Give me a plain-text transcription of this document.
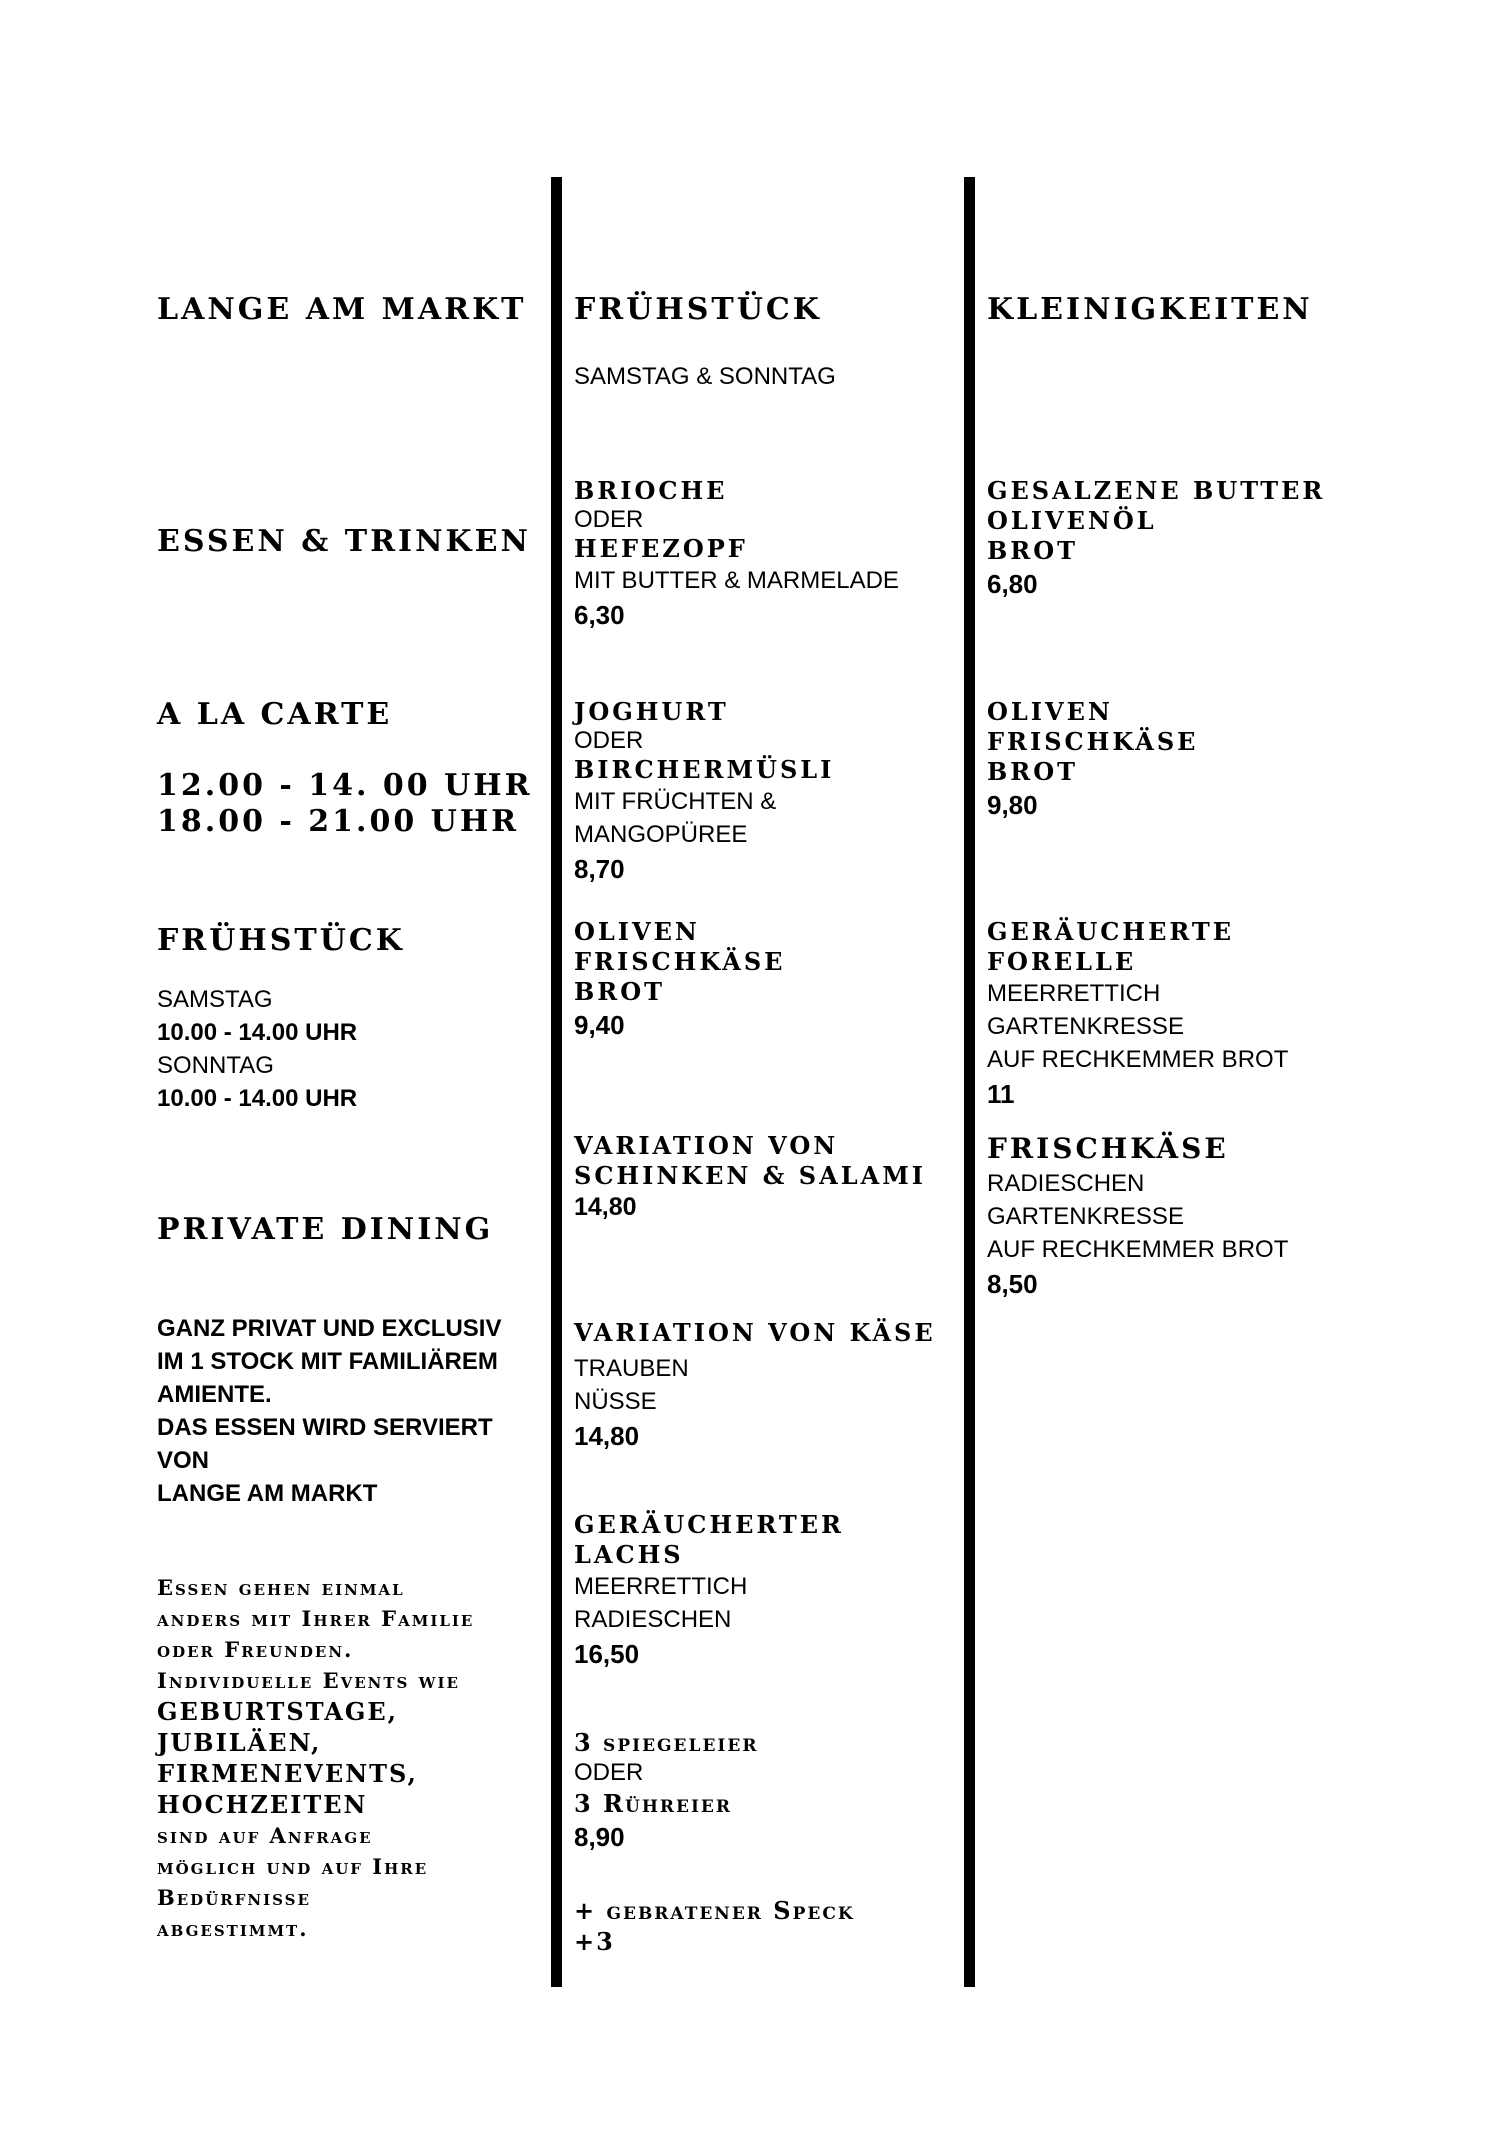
LANGE AM MARKT
ESSEN & TRINKEN
A LA CARTE

12.00 - 14. 00 UHR

18.00 - 21.00 UHR

FRÜHSTÜCK

SAMSTAG

10.00 - 14.00 UHR

SONNTAG

10.00 - 14.00 UHR

PRIVATE DINING

GANZ PRIVAT UND EXCLUSIV

IM 1 STOCK MIT FAMILIÄREM

AMIENTE.

DAS ESSEN WIRD SERVIERT VON

LANGE AM MARKT

Essen gehen einmal

anders mit Ihrer Familie

oder Freunden.

Individuelle Events wie

GEBURTSTAGE,

JUBILÄEN,

FIRMENEVENTS,

HOCHZEITEN

sind auf Anfrage

möglich und auf Ihre

Bedürfnisse

abgestimmt.

FRÜHSTÜCK

SAMSTAG & SONNTAG

BRIOCHE

ODER

HEFEZOPF

MIT BUTTER & MARMELADE

6,30

JOGHURT

ODER

BIRCHERMÜSLI

MIT FRÜCHTEN & MANGOPÜREE

8,70

OLIVEN

FRISCHKÄSE

BROT

9,40

VARIATION VON

SCHINKEN & SALAMI

14,80

VARIATION VON KÄSE

TRAUBEN

NÜSSE

14,80

GERÄUCHERTER

LACHS

MEERRETTICH

RADIESCHEN

16,50

3 spiegeleier

ODER

3 Rühreier

8,90

+ gebratener Speck

+3

KLEINIGKEITEN

GESALZENE BUTTER

OLIVENÖL

BROT

6,80

OLIVEN

FRISCHKÄSE

BROT

9,80

GERÄUCHERTE

FORELLE

MEERRETTICH

GARTENKRESSE

AUF RECHKEMMER BROT

11

FRISCHKÄSE

RADIESCHEN

GARTENKRESSE

AUF RECHKEMMER BROT

8,50
